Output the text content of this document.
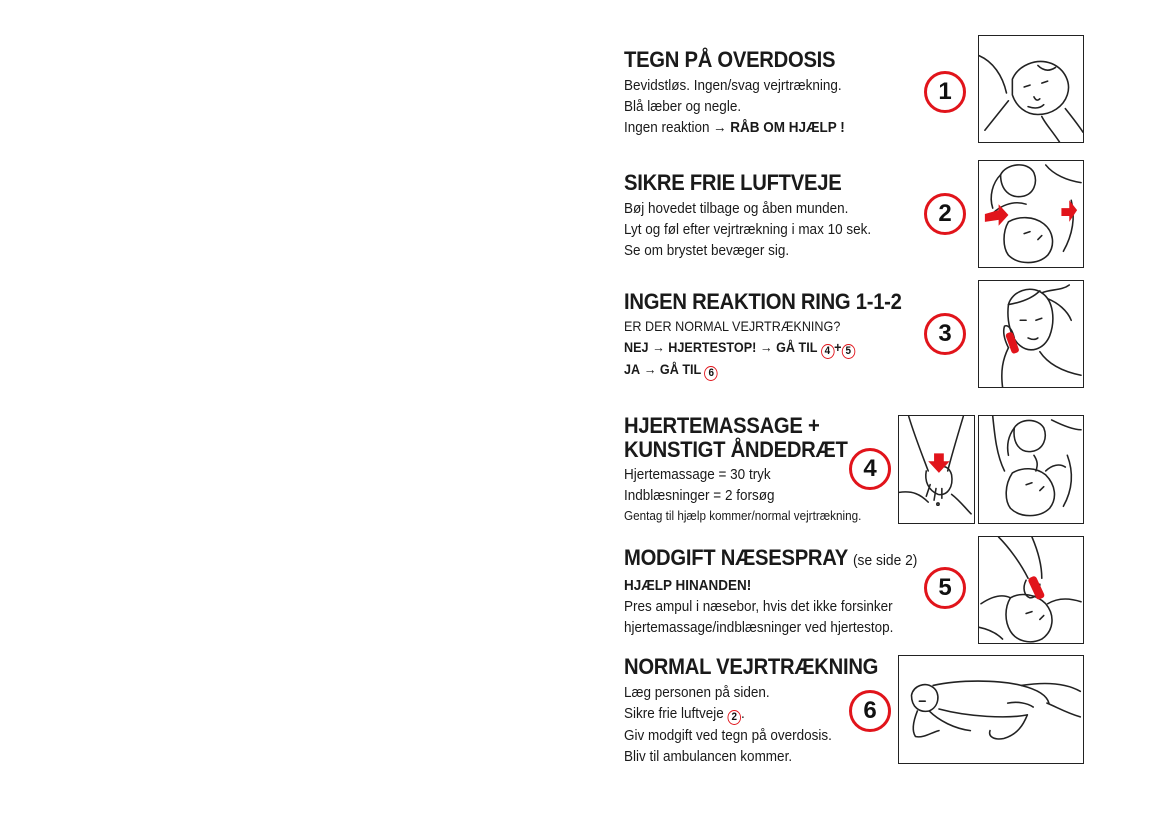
TEGN PÅ OVERDOSIS
Bevidstløs. Ingen/svag vejrtrækning.
Blå læber og negle.
Ingen reaktion → RÅB OM HJÆLP !
1
SIKRE FRIE LUFTVEJE
Bøj hovedet tilbage og åben munden.
Lyt og føl efter vejrtrækning i max 10 sek.
Se om brystet bevæger sig.
2
INGEN REAKTION RING 1-1-2
ER DER NORMAL VEJRTRÆKNING?
NEJ → HJERTESTOP! → GÅ TIL 4 + 5
JA → GÅ TIL 6
3
HJERTEMASSAGE +
KUNSTIGT ÅNDEDRÆT
Hjertemassage = 30 tryk
Indblæsninger = 2 forsøg
Gentag til hjælp kommer/normal vejrtrækning.
4
MODGIFT NÆSESPRAY (se side 2)
HJÆLP HINANDEN!
Pres ampul i næsebor, hvis det ikke forsinker
hjertemassage/indblæsninger ved hjertestop.
5
NORMAL VEJRTRÆKNING
Læg personen på siden.
Sikre frie luftveje 2 .
Giv modgift ved tegn på overdosis.
Bliv til ambulancen kommer.
6
